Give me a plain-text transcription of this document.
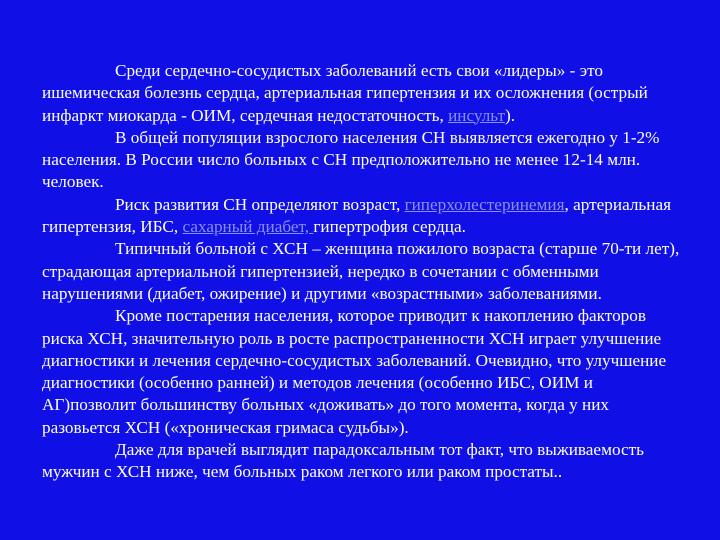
Среди сердечно-сосудистых заболеваний есть свои «лидеры» - это ишемическая болезнь сердца, артериальная гипертензия и их осложнения (острый инфаркт миокарда - ОИМ, сердечная недостаточность, инсульт).

В общей популяции взрослого населения СН выявляется ежегодно у 1-2% населения. В России число больных с СН предположительно не менее 12-14 млн. человек.

Риск развития СН определяют возраст, гиперхолестеринемия, артериальная гипертензия, ИБС, сахарный диабет, гипертрофия сердца.

Типичный больной с ХСН – женщина пожилого возраста (старше 70-ти лет), страдающая артериальной гипертензией, нередко в сочетании с обменными нарушениями (диабет, ожирение) и другими «возрастными» заболеваниями.

Кроме постарения населения, которое приводит к накоплению факторов риска ХСН, значительную роль в росте распространенности ХСН играет улучшение диагностики и лечения сердечно-сосудистых заболеваний. Очевидно, что улучшение диагностики (особенно ранней) и методов лечения (особенно ИБС, ОИМ и АГ)позволит большинству больных «доживать» до того момента, когда у них разовьется ХСН («хроническая гримаса судьбы»).

Даже для врачей выглядит парадоксальным тот факт, что выживаемость мужчин с ХСН ниже, чем больных раком легкого или раком простаты..
